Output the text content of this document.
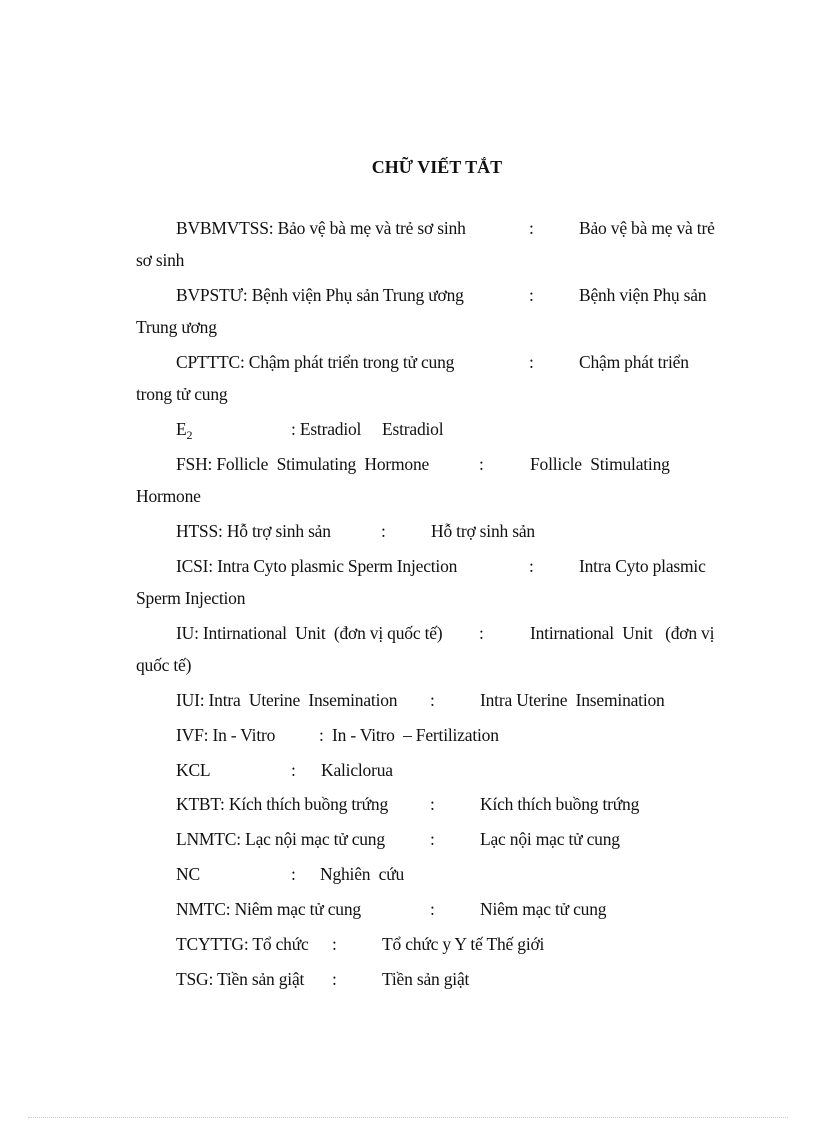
CHỮ VIẾT TẮT
BVBMVTSS: Bảo vệ bà mẹ và trẻ sơ sinh	:	Bảo vệ bà mẹ và trẻ
sơ sinh
BVPSTƯ: Bệnh viện Phụ sản Trung ương	:	Bệnh viện Phụ sản
Trung ương
CPTTTC: Chậm phát triển trong tử cung	:	Chậm phát triển
trong tử cung
$E_2$	: Estradiol Estradiol
FSH: Follicle  Stimulating  Hormone	:	Follicle  Stimulating
Hormone
HTSS: Hỗ trợ sinh sản	:	Hỗ trợ sinh sản
ICSI: Intra Cyto plasmic Sperm Injection	:	Intra Cyto plasmic
Sperm Injection
IU: Intirnational  Unit  (đơn vị quốc tế) :	Intirnational  Unit   (đơn vị
quốc tế)
IUI: Intra  Uterine  Insemination :	Intra Uterine  Insemination
IVF: In - Vitro	: In - Vitro  – Fertilization
KCL	: Kaliclorua
KTBT: Kích thích buồng trứng :	Kích thích buồng trứng
LNMTC: Lạc nội mạc tử cung	:	Lạc nội mạc tử cung
NC	: Nghiên  cứu
NMTC: Niêm mạc tử cung	:	Niêm mạc tử cung
TCYTTG: Tổ chức :	Tổ chức y Y tế Thế giới
TSG: Tiền sản giật :	Tiền sản giật
